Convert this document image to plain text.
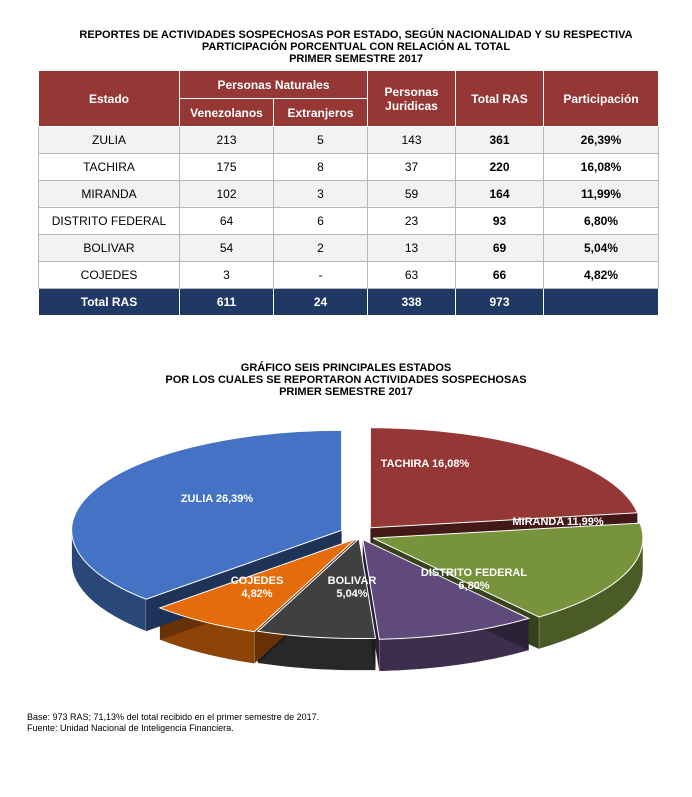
REPORTES DE ACTIVIDADES SOSPECHOSAS POR ESTADO, SEGÚN NACIONALIDAD Y SU RESPECTIVA
PARTICIPACIÓN PORCENTUAL CON RELACIÓN AL TOTAL
PRIMER SEMESTRE 2017
Estado	Personas Naturales		Personas Juridicas	Total RAS	Participación
	Venezolanos	Extranjeros			
ZULIA	213	5	143	361	26,39%
TACHIRA	175	8	37	220	16,08%
MIRANDA	102	3	59	164	11,99%
DISTRITO FEDERAL	64	6	23	93	6,80%
BOLIVAR	54	2	13	69	5,04%
COJEDES	3	-	63	66	4,82%
Total RAS	611	24	338	973	
GRÁFICO SEIS PRINCIPALES ESTADOS
POR LOS CUALES SE REPORTARON ACTIVIDADES SOSPECHOSAS
PRIMER SEMESTRE 2017
TACHIRA 16,08%
MIRANDA 11,99%
DISTRITO FEDERAL 6,80%
BOLIVAR 5,04%
COJEDES 4,82%
ZULIA 26,39%
Base: 973 RAS; 71,13% del total recibido en el primer semestre de 2017.
Fuente: Unidad Nacional de Inteligencia Financiera.
